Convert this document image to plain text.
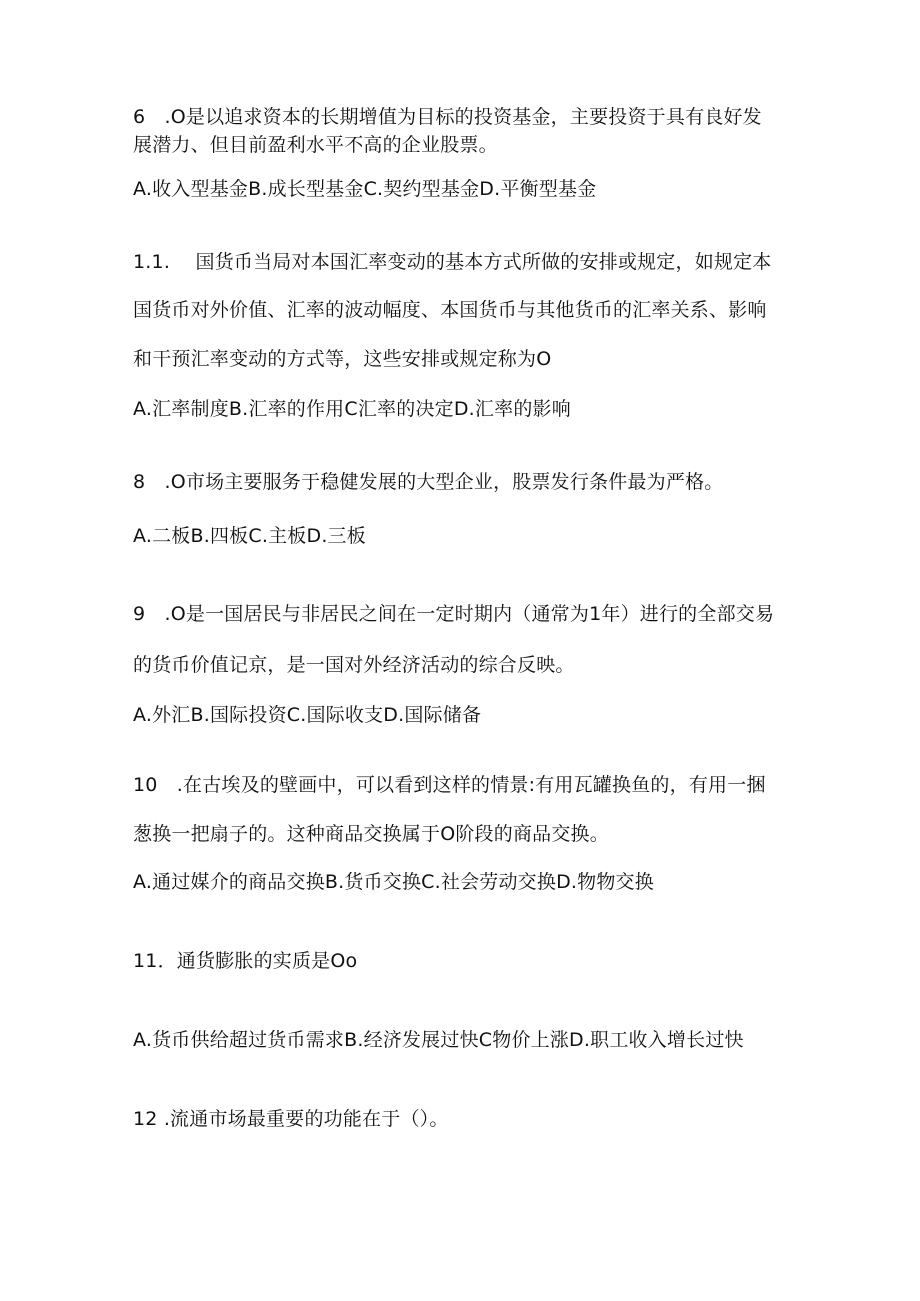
6　.O是以追求资本的长期增值为目标的投资基金，主要投资于具有良好发
展潜力、但目前盈利水平不高的企业股票。
A.收入型基金B.成长型基金C.契约型基金D.平衡型基金
1.1.　 国货币当局对本国汇率变动的基本方式所做的安排或规定，如规定本
国货币对外价值、汇率的波动幅度、本国货币与其他货币的汇率关系、影响
和干预汇率变动的方式等，这些安排或规定称为O
A.汇率制度B.汇率的作用C汇率的决定D.汇率的影响
8　.O市场主要服务于稳健发展的大型企业，股票发行条件最为严格。
A.二板B.四板C.主板D.三板
9　.O是一国居民与非居民之间在一定时期内（通常为1年）进行的全部交易
的货币价值记京，是一国对外经济活动的综合反映。
A.外汇B.国际投资C.国际收支D.国际储备
10　.在古埃及的壁画中，可以看到这样的情景:有用瓦罐换鱼的，有用一捆
葱换一把扇子的。这种商品交换属于O阶段的商品交换。
A.通过媒介的商品交换B.货币交换C.社会劳动交换D.物物交换
11．通货膨胀的实质是Oo
A.货币供给超过货币需求B.经济发展过快C物价上涨D.职工收入增长过快
12 .流通市场最重要的功能在于（）。
